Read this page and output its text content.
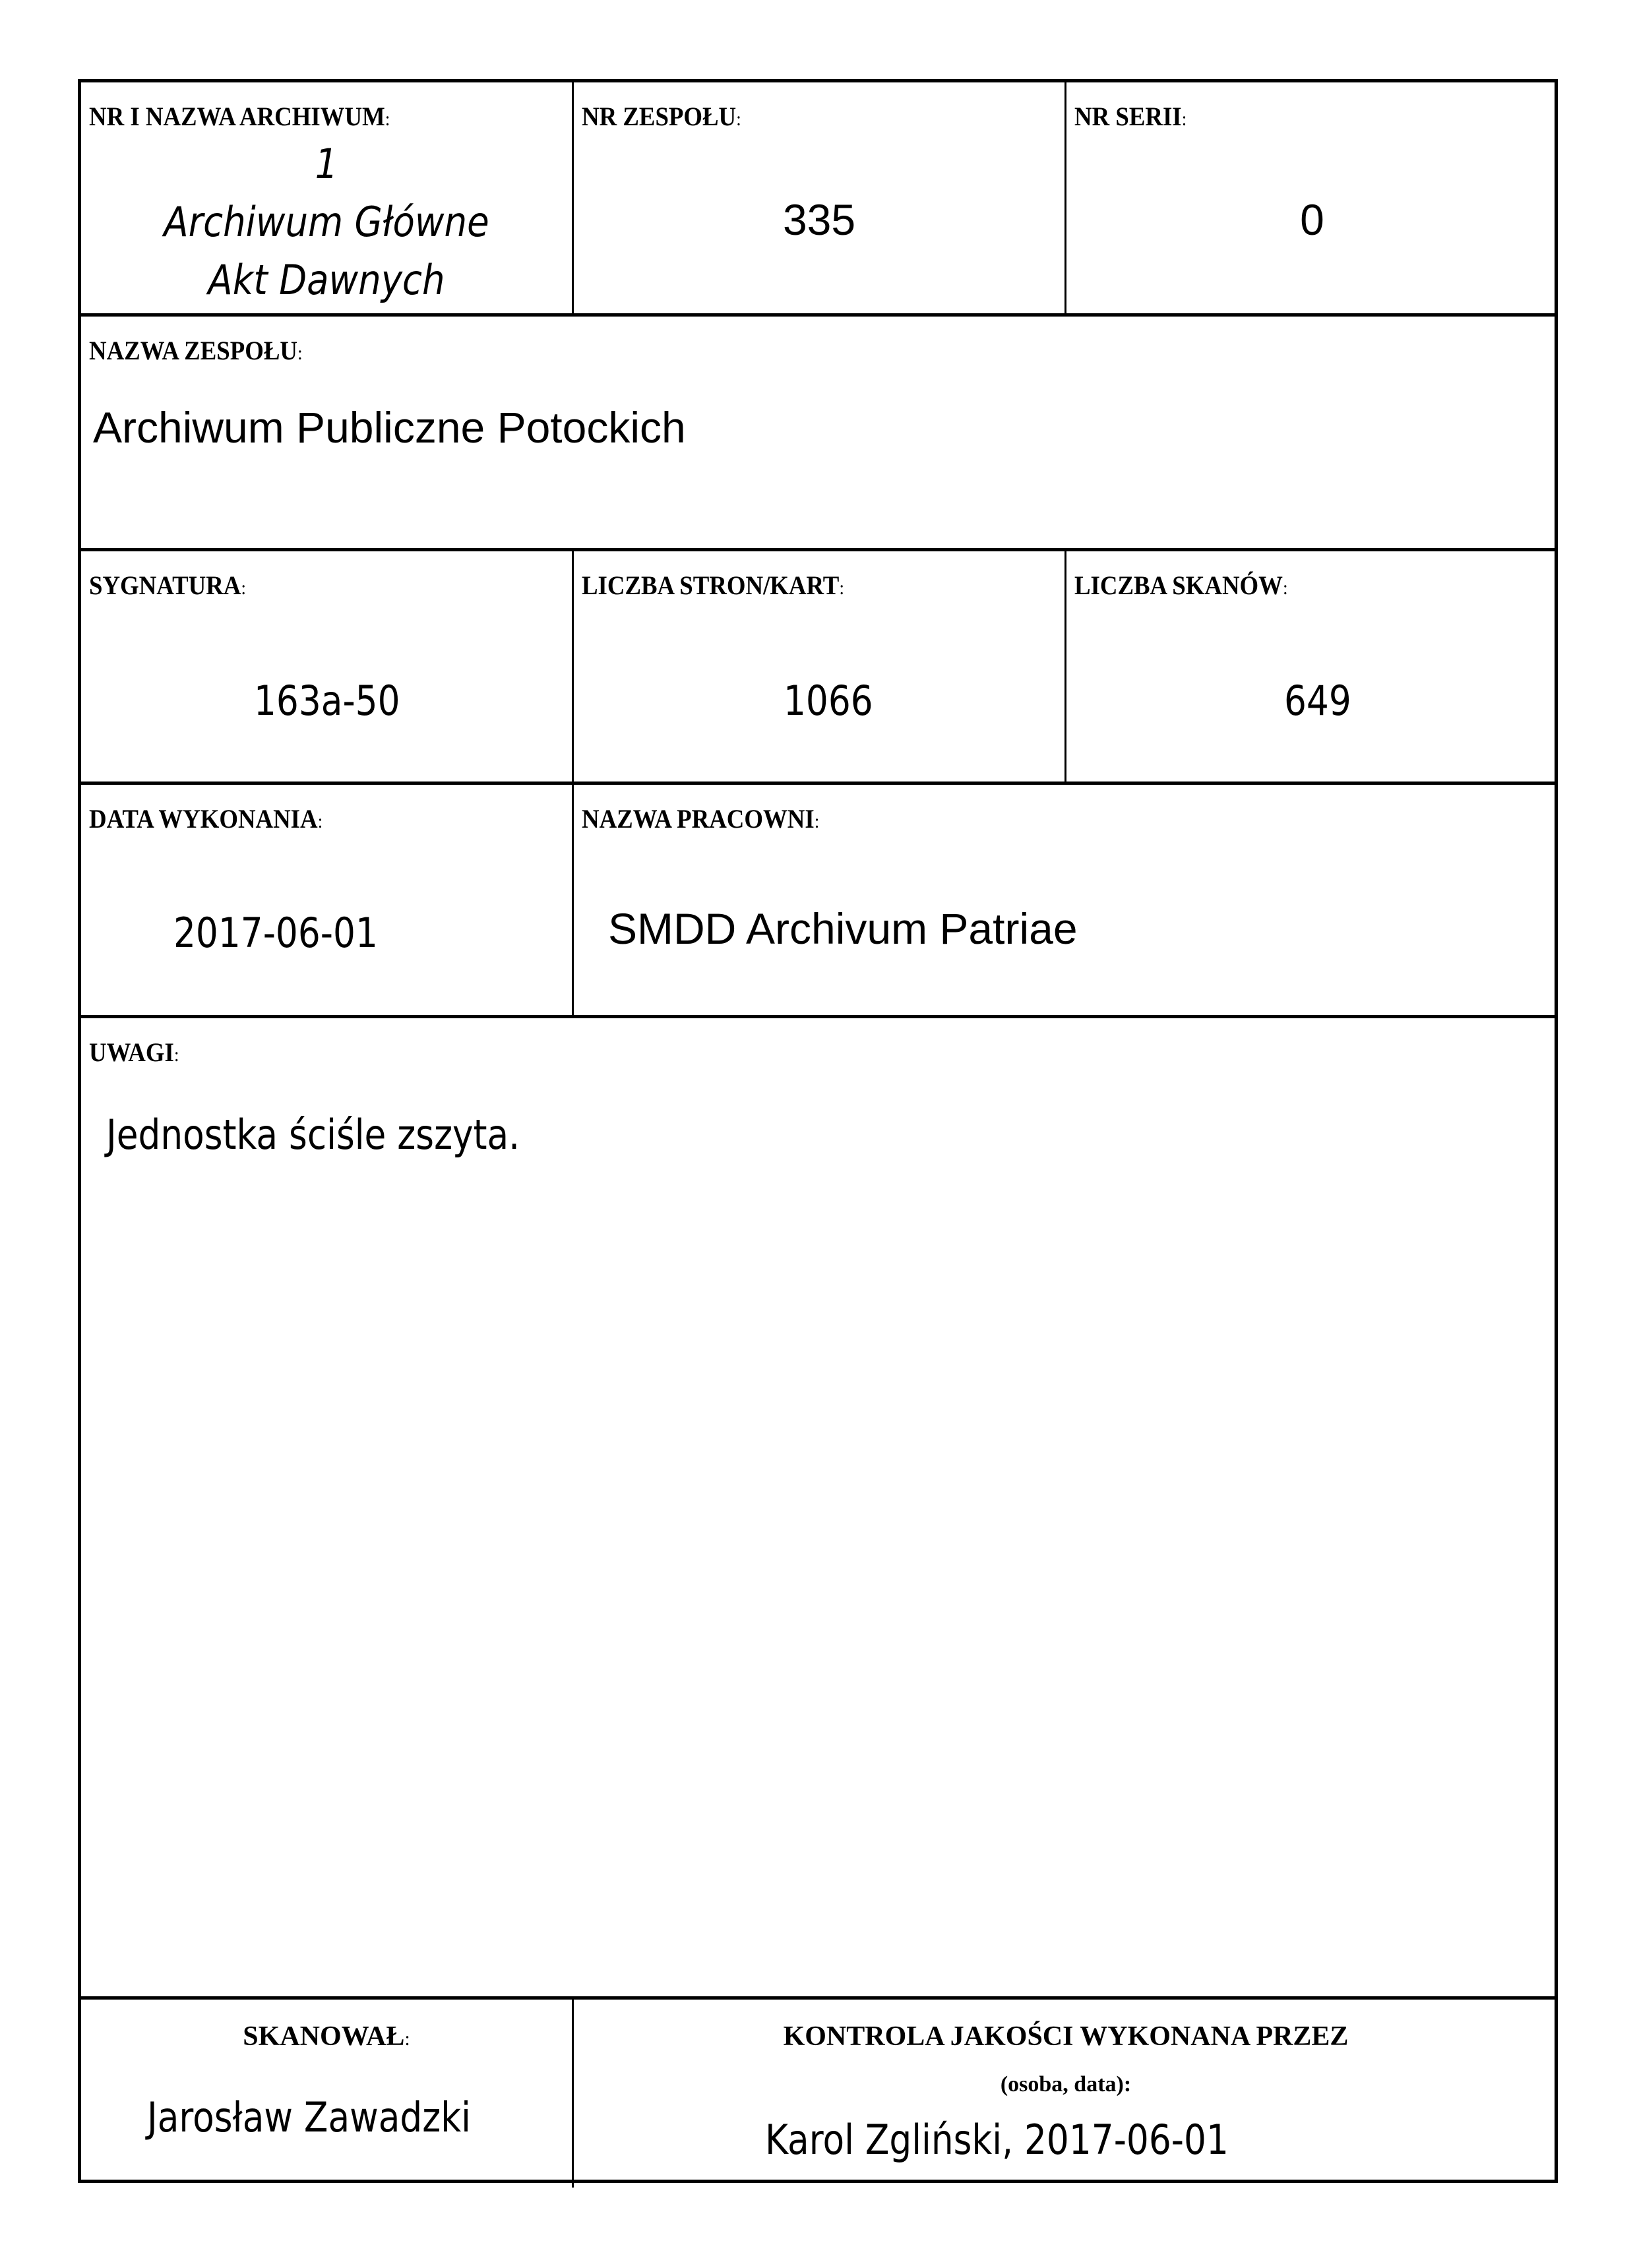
NR I NAZWA ARCHIWUM:
1
Archiwum Główne
Akt Dawnych
NR ZESPOŁU:
335
NR SERII:
0
NAZWA ZESPOŁU:
Archiwum Publiczne Potockich
SYGNATURA:
163a-50
LICZBA STRON/KART:
1066
LICZBA SKANÓW:
649
DATA WYKONANIA:
2017-06-01
NAZWA PRACOWNI:
SMDD Archivum Patriae
UWAGI:
Jednostka ściśle zszyta.
SKANOWAŁ:
Jarosław Zawadzki
KONTROLA JAKOŚCI WYKONANA PRZEZ
(osoba, data):
Karol Zgliński, 2017-06-01
